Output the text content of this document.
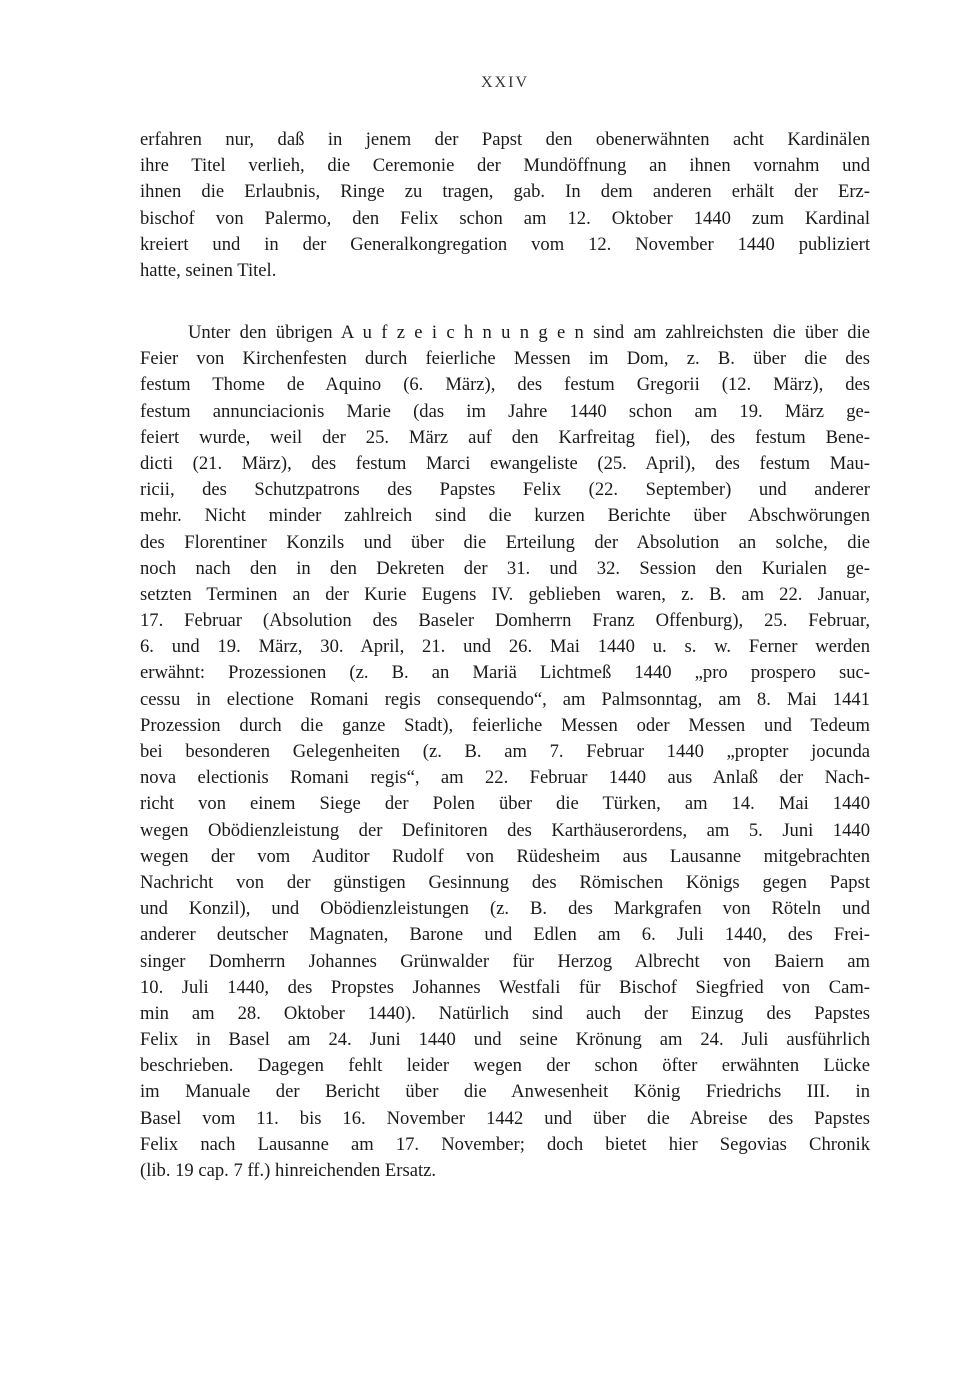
XXIV
erfahren nur, daß in jenem der Papst den obenerwähnten acht Kardinälen
ihre Titel verlieh, die Ceremonie der Mundöffnung an ihnen vornahm und
ihnen die Erlaubnis, Ringe zu tragen, gab. In dem anderen erhält der Erz-
bischof von Palermo, den Felix schon am 12. Oktober 1440 zum Kardinal
kreiert und in der Generalkongregation vom 12. November 1440 publiziert
hatte, seinen Titel.
Unter den übrigen A u f z e i c h n u n g e n sind am zahlreichsten die über die
Feier von Kirchenfesten durch feierliche Messen im Dom, z. B. über die des
festum Thome de Aquino (6. März), des festum Gregorii (12. März), des
festum annunciacionis Marie (das im Jahre 1440 schon am 19. März ge-
feiert wurde, weil der 25. März auf den Karfreitag fiel), des festum Bene-
dicti (21. März), des festum Marci ewangeliste (25. April), des festum Mau-
ricii, des Schutzpatrons des Papstes Felix (22. September) und anderer
mehr. Nicht minder zahlreich sind die kurzen Berichte über Abschwörungen
des Florentiner Konzils und über die Erteilung der Absolution an solche, die
noch nach den in den Dekreten der 31. und 32. Session den Kurialen ge-
setzten Terminen an der Kurie Eugens IV. geblieben waren, z. B. am 22. Januar,
17. Februar (Absolution des Baseler Domherrn Franz Offenburg), 25. Februar,
6. und 19. März, 30. April, 21. und 26. Mai 1440 u. s. w. Ferner werden
erwähnt: Prozessionen (z. B. an Mariä Lichtmeß 1440 „pro prospero suc-
cessu in electione Romani regis consequendo“, am Palmsonntag, am 8. Mai 1441
Prozession durch die ganze Stadt), feierliche Messen oder Messen und Tedeum
bei besonderen Gelegenheiten (z. B. am 7. Februar 1440 „propter jocunda
nova electionis Romani regis“, am 22. Februar 1440 aus Anlaß der Nach-
richt von einem Siege der Polen über die Türken, am 14. Mai 1440
wegen Obödienzleistung der Definitoren des Karthäuserordens, am 5. Juni 1440
wegen der vom Auditor Rudolf von Rüdesheim aus Lausanne mitgebrachten
Nachricht von der günstigen Gesinnung des Römischen Königs gegen Papst
und Konzil), und Obödienzleistungen (z. B. des Markgrafen von Röteln und
anderer deutscher Magnaten, Barone und Edlen am 6. Juli 1440, des Frei-
singer Domherrn Johannes Grünwalder für Herzog Albrecht von Baiern am
10. Juli 1440, des Propstes Johannes Westfali für Bischof Siegfried von Cam-
min am 28. Oktober 1440). Natürlich sind auch der Einzug des Papstes
Felix in Basel am 24. Juni 1440 und seine Krönung am 24. Juli ausführlich
beschrieben. Dagegen fehlt leider wegen der schon öfter erwähnten Lücke
im Manuale der Bericht über die Anwesenheit König Friedrichs III. in
Basel vom 11. bis 16. November 1442 und über die Abreise des Papstes
Felix nach Lausanne am 17. November; doch bietet hier Segovias Chronik
(lib. 19 cap. 7 ff.) hinreichenden Ersatz.
